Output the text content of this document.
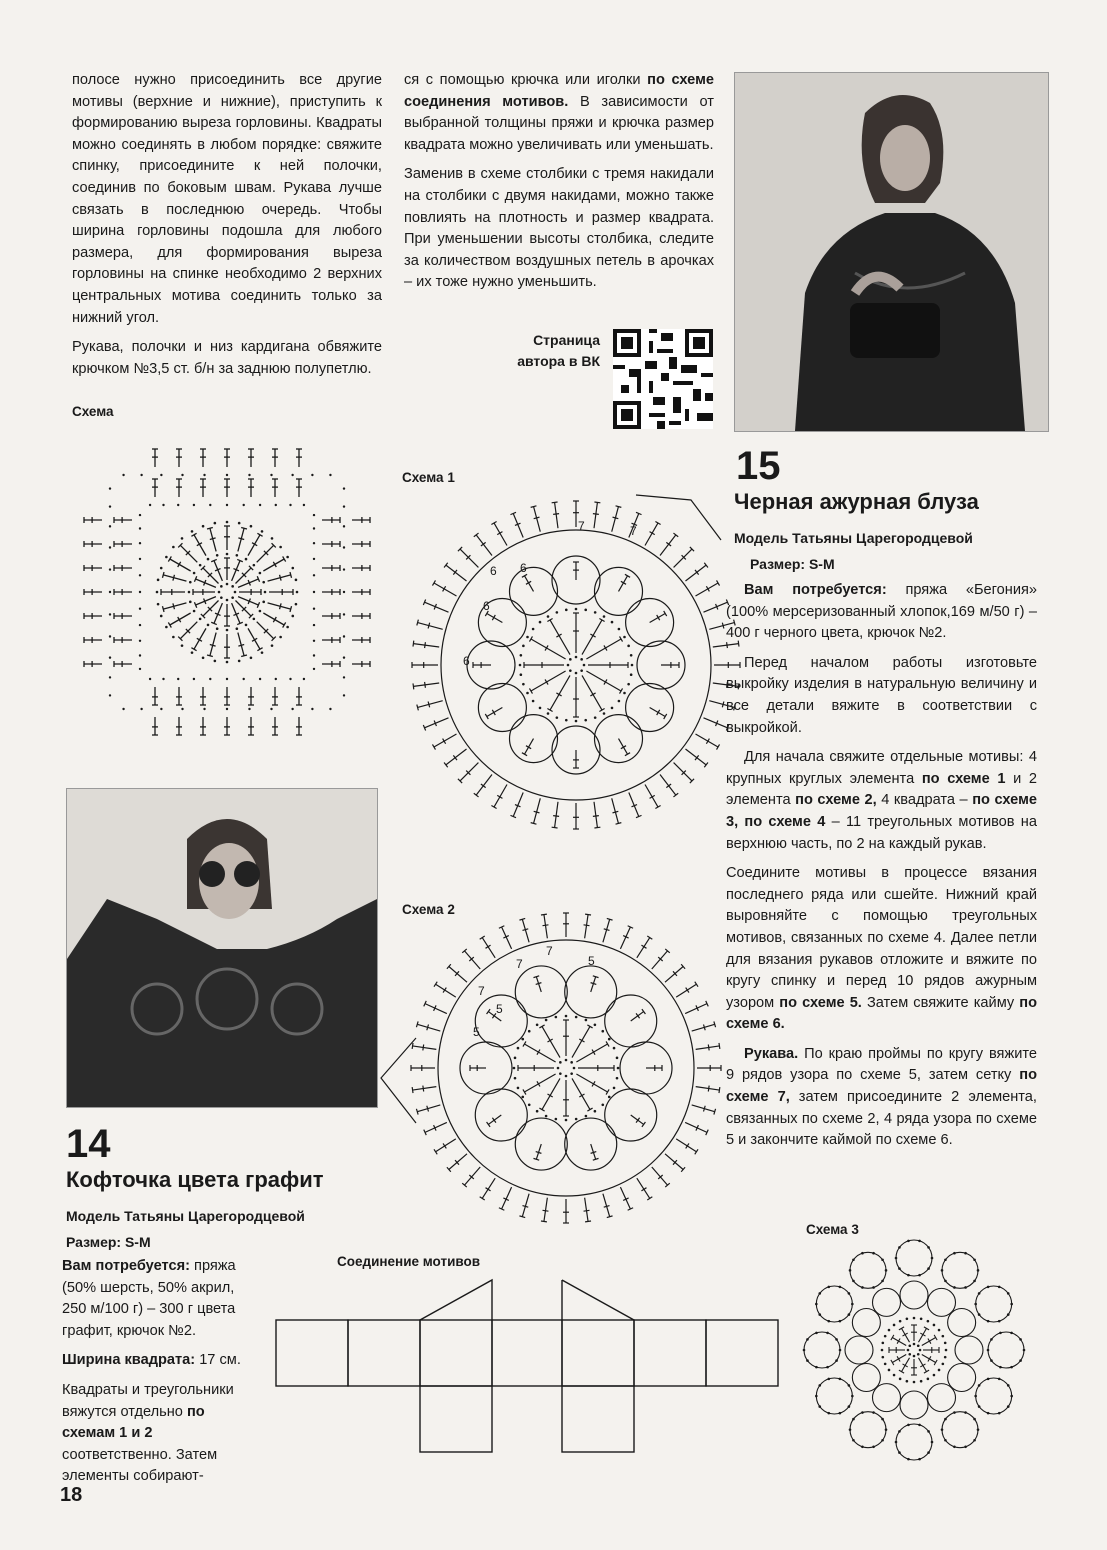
полосе нужно присоединить все другие мотивы (верхние и нижние), приступить к формированию выреза горловины. Квадраты можно соединять в любом порядке: свяжите спинку, присоедините к ней полочки, соединив по боковым швам. Рукава лучше связать в последнюю очередь. Чтобы ширина горловины подошла для любого размера, для формирования выреза горловины на спинке необходимо 2 верхних центральных мотива соединить только за нижний угол.

Рукава, полочки и низ кардигана обвяжите крючком №3,5 ст. б/н за заднюю полупетлю.

ся с помощью крючка или иголки по схеме соединения мотивов. В зависимости от выбранной толщины пряжи и крючка размер квадрата можно увеличивать или уменьшать.

Заменив в схеме столбики с тремя накидали на столбики с двумя накидами, можно также повлиять на плотность и размер квадрата. При уменьшении высоты столбика, следите за количеством воздушных петель в арочках – их тоже нужно уменьшить.

Страница
автора в ВК
Схема
Схема 1
7
7
6
6
6
6
14
Кофточка цвета графит
Модель Татьяны Царегородцевой
Размер: S-M

Вам потребуется: пряжа (50% шерсть, 50% акрил, 250 м/100 г) – 300 г цвета графит, крючок №2.

Ширина квадрата: 17 см.

Квадраты и треугольники вяжутся отдельно по схемам 1 и 2 соответственно. Затем элементы собирают-

Схема 2
7
5
7
5
5
7
Соединение мотивов
15
Черная ажурная блуза
Модель Татьяны Царегородцевой
Размер: S-M

Вам потребуется: пряжа «Бегония» (100% мерсеризованный хлопок,169 м/50 г) – 400 г черного цвета, крючок №2.

Перед началом работы изготовьте выкройку изделия в натуральную величину и все детали вяжите в соответствии с выкройкой.

Для начала свяжите отдельные мотивы: 4 крупных круглых элемента по схеме 1 и 2 элемента по схеме 2, 4 квадрата – по схеме 3, по схеме 4 – 11 треугольных мотивов на верхнюю часть, по 2 на каждый рукав.

Соедините мотивы в процессе вязания последнего ряда или сшейте. Нижний край выровняйте с помощью треугольных мотивов, связанных по схеме 4. Далее петли для вязания рукавов отложите и вяжите по кругу спинку и перед 10 рядов ажурным узором по схеме 5. Затем свяжите кайму по схеме 6.

Рукава. По краю проймы по кругу вяжите 9 рядов узора по схеме 5, затем сетку по схеме 7, затем присоедините 2 элемента, связанных по схеме 2, 4 ряда узора по схеме 5 и закончите каймой по схеме 6.

Схема 3
18
